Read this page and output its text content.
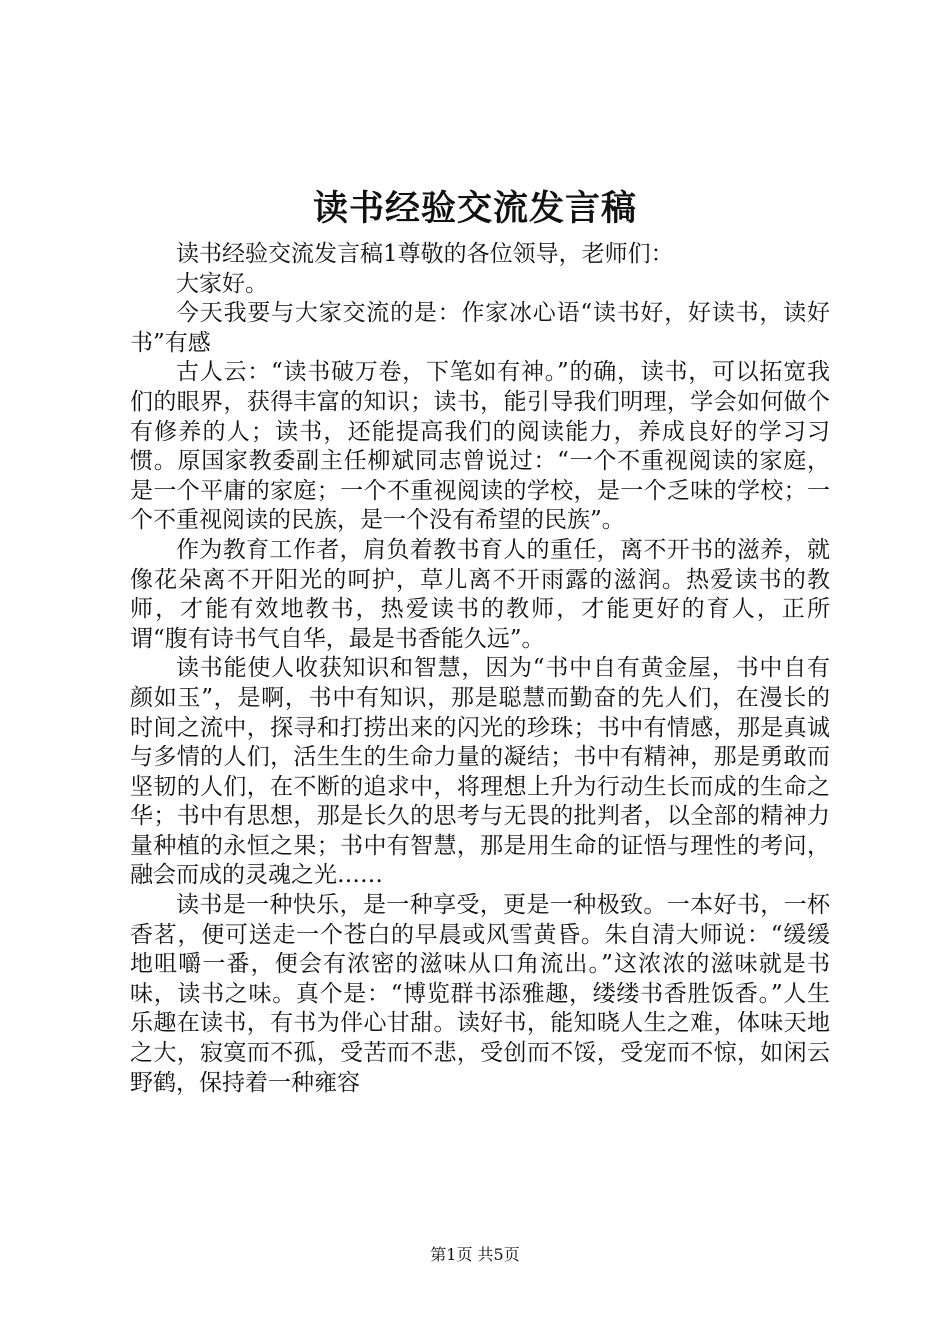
读书经验交流发言稿

读书经验交流发言稿1尊敬的各位领导，老师们：

大家好。

今天我要与大家交流的是：作家冰心语“读书好，好读书，读好书”有感

古人云：“读书破万卷，下笔如有神。”的确，读书，可以拓宽我们的眼界，获得丰富的知识；读书，能引导我们明理，学会如何做个有修养的人；读书，还能提高我们的阅读能力，养成良好的学习习惯。原国家教委副主任柳斌同志曾说过：“一个不重视阅读的家庭，是一个平庸的家庭；一个不重视阅读的学校，是一个乏味的学校；一个不重视阅读的民族，是一个没有希望的民族”。

作为教育工作者，肩负着教书育人的重任，离不开书的滋养，就像花朵离不开阳光的呵护，草儿离不开雨露的滋润。热爱读书的教师，才能有效地教书，热爱读书的教师，才能更好的育人，正所谓“腹有诗书气自华，最是书香能久远”。

读书能使人收获知识和智慧，因为“书中自有黄金屋，书中自有颜如玉”，是啊，书中有知识，那是聪慧而勤奋的先人们，在漫长的时间之流中，探寻和打捞出来的闪光的珍珠；书中有情感，那是真诚与多情的人们，活生生的生命力量的凝结；书中有精神，那是勇敢而坚韧的人们，在不断的追求中，将理想上升为行动生长而成的生命之华；书中有思想，那是长久的思考与无畏的批判者，以全部的精神力量种植的永恒之果；书中有智慧，那是用生命的证悟与理性的考问，融会而成的灵魂之光……

读书是一种快乐，是一种享受，更是一种极致。一本好书，一杯香茗，便可送走一个苍白的早晨或风雪黄昏。朱自清大师说：“缓缓地咀嚼一番，便会有浓密的滋味从口角流出。”这浓浓的滋味就是书味，读书之味。真个是：“博览群书添雅趣，缕缕书香胜饭香。”人生乐趣在读书，有书为伴心甘甜。读好书，能知晓人生之难，体味天地之大，寂寞而不孤，受苦而不悲，受创而不馁，受宠而不惊，如闲云野鹤，保持着一种雍容

第1页 共5页
